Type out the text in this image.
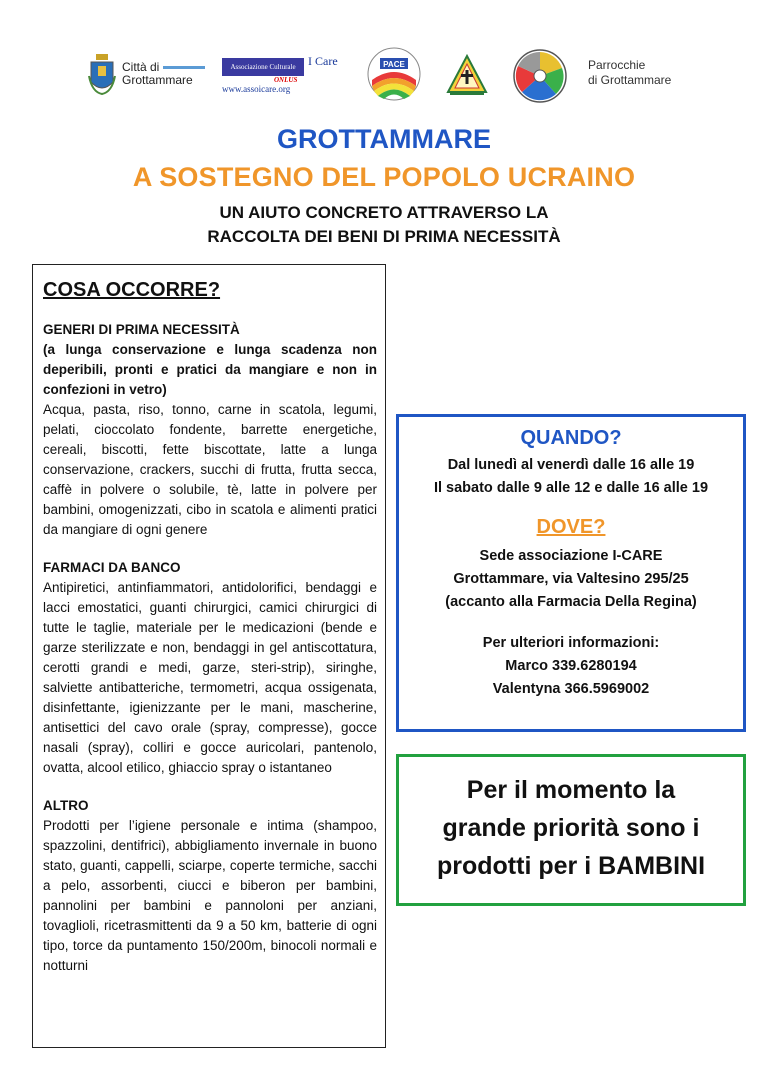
Città di
Grottammare
Associazione Culturale	I Care
ONLUS
www.assoicare.org
PACE	Parrocchie
di Grottammare
GROTTAMMARE
A SOSTEGNO DEL POPOLO UCRAINO
UN AIUTO CONCRETO ATTRAVERSO LA
RACCOLTA DEI BENI DI PRIMA NECESSITÀ
COSA OCCORRE?

GENERI DI PRIMA NECESSITÀ

(a lunga conservazione e lunga scadenza non deperibili, pronti e pratici da mangiare e non in confezioni in vetro)

Acqua, pasta, riso, tonno, carne in scatola, legumi, pelati, cioccolato fondente, barrette energetiche, cereali, biscotti, fette biscottate, latte a lunga conservazione, crackers, succhi di frutta, frutta secca, caffè in polvere o solubile, tè, latte in polvere per bambini, omogenizzati, cibo in scatola e alimenti pratici da mangiare di ogni genere

FARMACI DA BANCO

Antipiretici, antinfiammatori, antidolorifici, bendaggi e lacci emostatici, guanti chirurgici, camici chirurgici di tutte le taglie, materiale per le medicazioni (bende e garze sterilizzate e non, bendaggi in gel antiscottatura, cerotti grandi e medi, garze, steri-strip), siringhe, salviette antibatteriche, termometri, acqua ossigenata, disinfettante, igienizzante per le mani, mascherine, antisettici del cavo orale (spray, compresse), gocce nasali (spray), colliri e gocce auricolari, pantenolo, ovatta, alcool etilico, ghiaccio spray o istantaneo

ALTRO

Prodotti per l’igiene personale e intima (shampoo, spazzolini, dentifrici), abbigliamento invernale in buono stato, guanti, cappelli, sciarpe, coperte termiche, sacchi a pelo, assorbenti, ciucci e biberon per bambini, pannolini per bambini e pannoloni per anziani, tovaglioli, ricetrasmittenti da 9 a 50 km, batterie di ogni tipo, torce da puntamento 150/200m, binocoli normali e notturni

QUANDO?

Dal lunedì al venerdì dalle 16 alle 19

Il sabato dalle 9 alle 12 e dalle 16 alle 19

DOVE?

Sede associazione I-CARE

Grottammare, via Valtesino 295/25

(accanto alla Farmacia Della Regina)

Per ulteriori informazioni:

Marco 339.6280194

Valentyna 366.5969002

Per il momento la
grande priorità sono i
prodotti per i BAMBINI
